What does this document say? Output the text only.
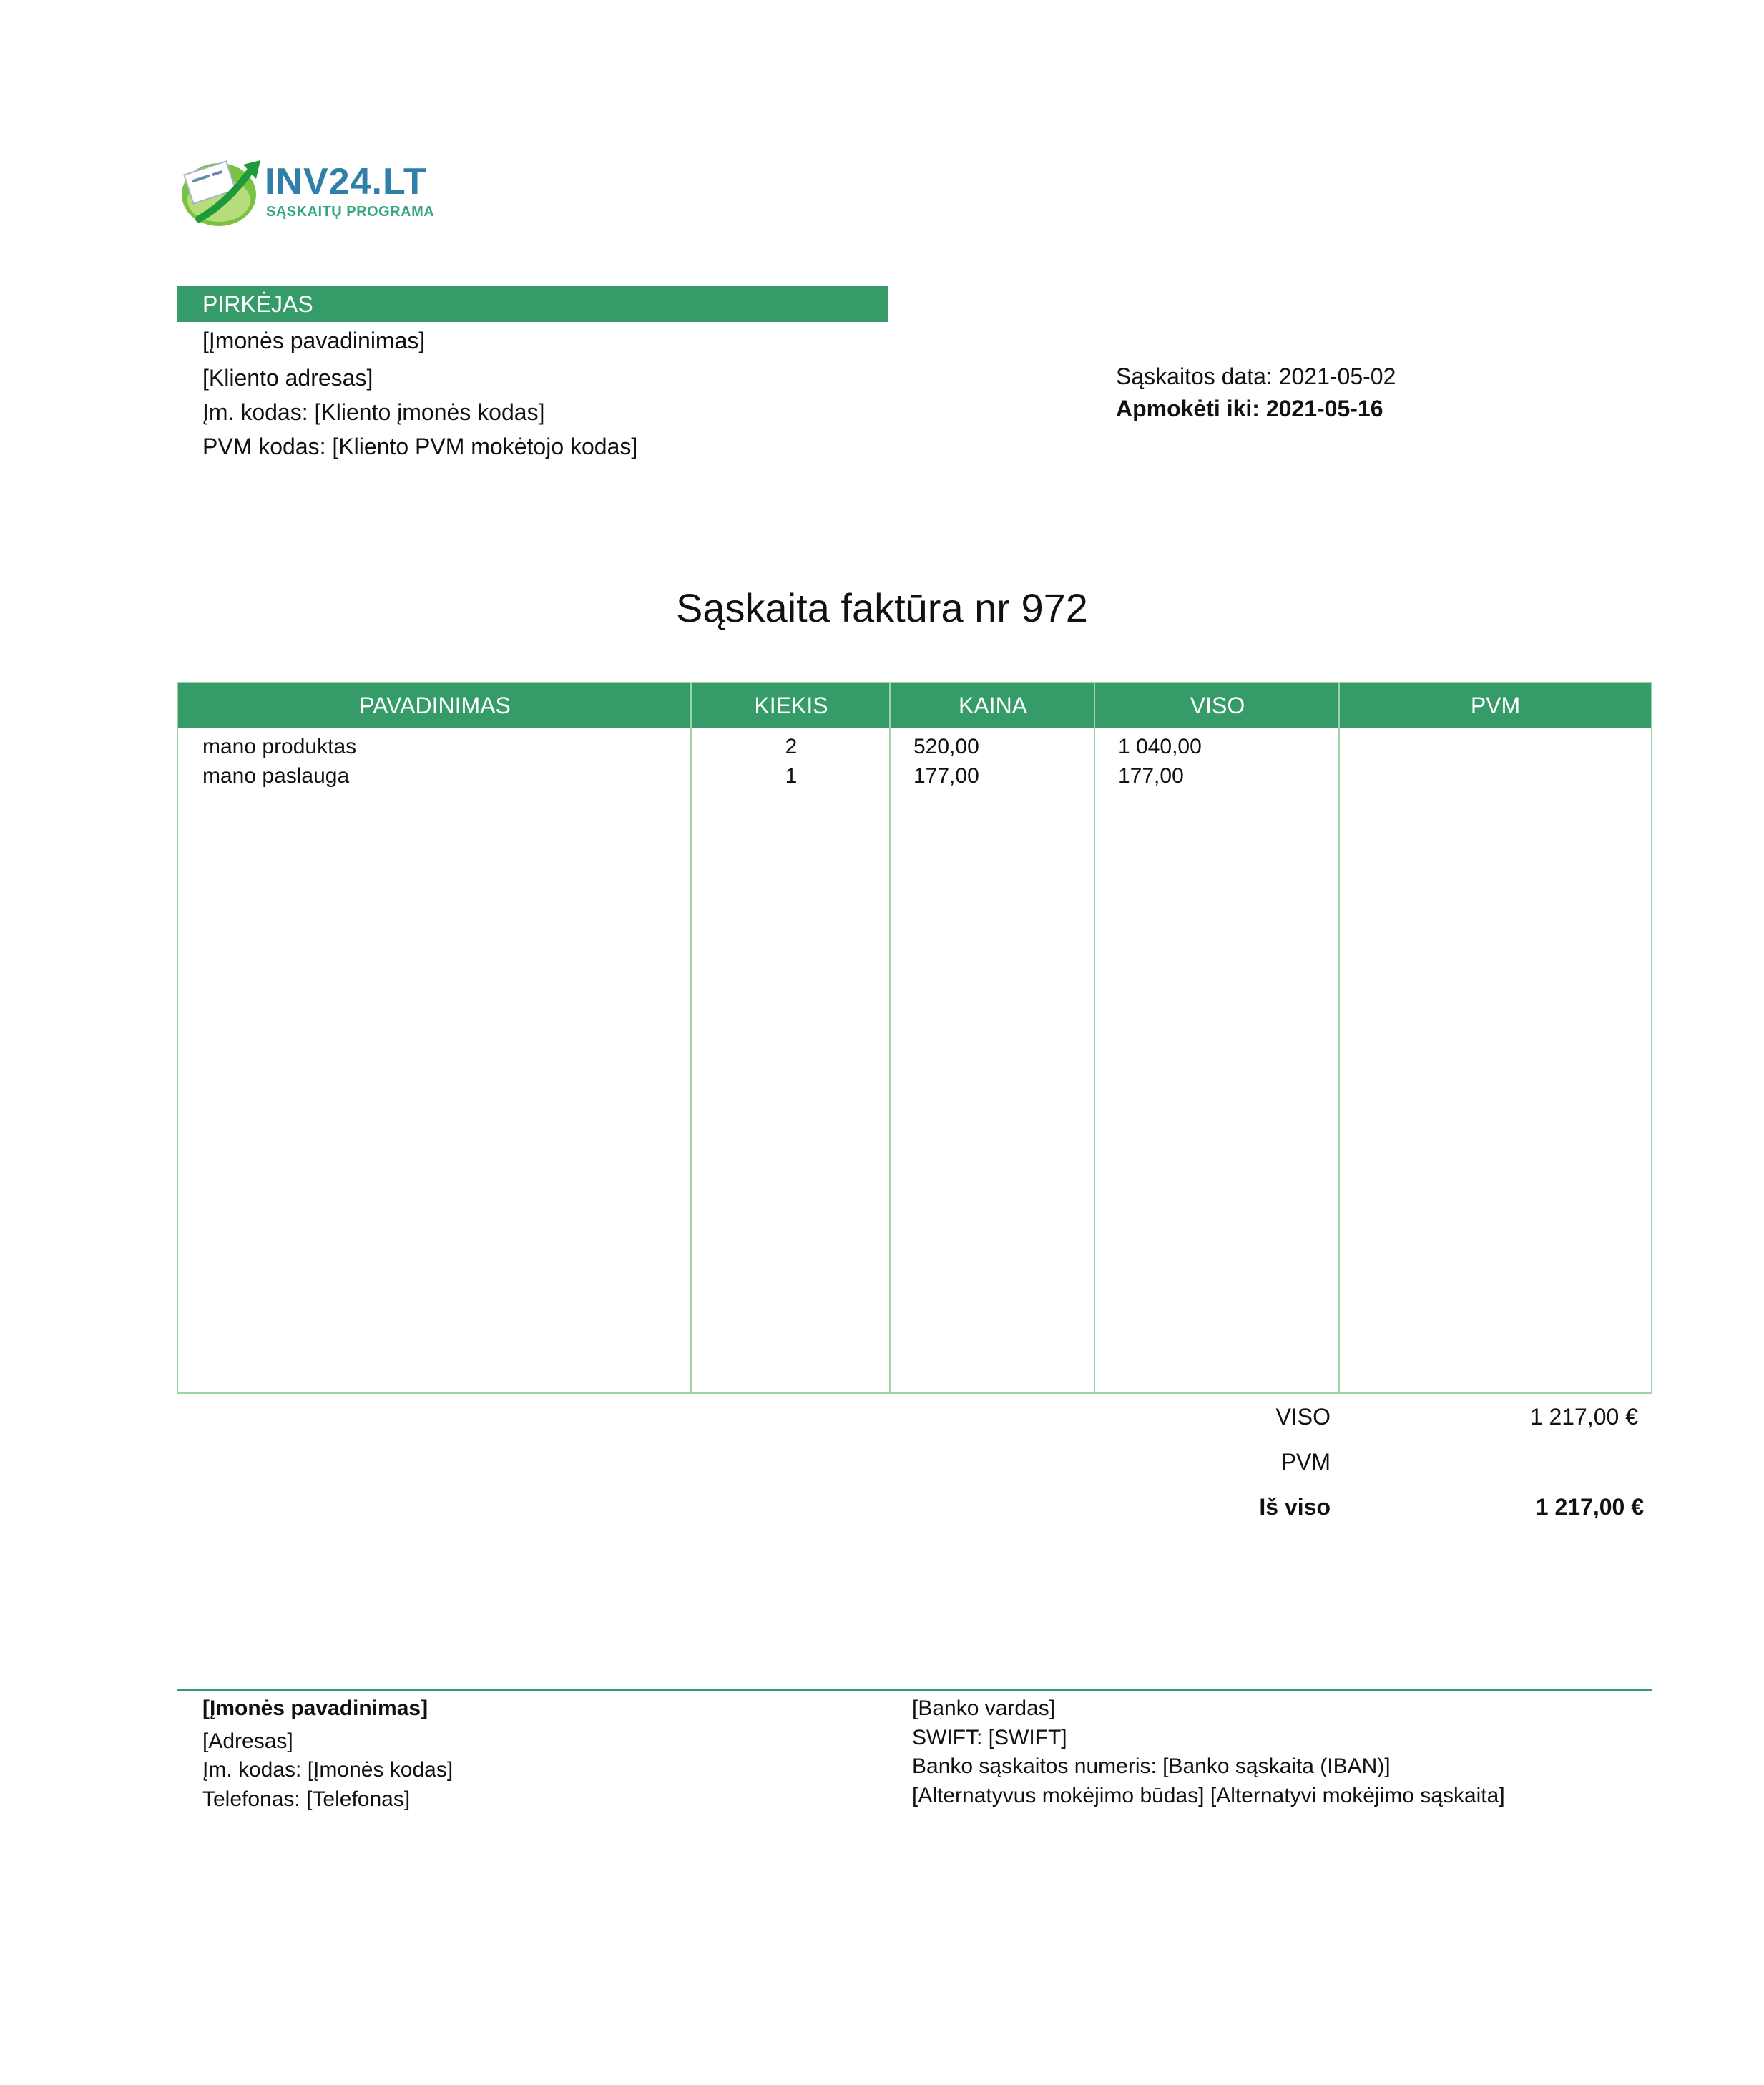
INV24.LT
SĄSKAITŲ PROGRAMA
PIRKĖJAS
[Įmonės pavadinimas]
[Kliento adresas]
Įm. kodas: [Kliento įmonės kodas]
PVM kodas: [Kliento PVM mokėtojo kodas]
Sąskaitos data: 2021-05-02
Apmokėti iki: 2021-05-16
Sąskaita faktūra nr 972
PAVADINIMAS	KIEKIS	KAINA	VISO	PVM
mano produktas	2	520,00	1 040,00
mano paslauga	1	177,00	177,00
VISO	1 217,00 €
PVM
Iš viso	1 217,00 €
[Įmonės pavadinimas]
[Adresas]
Įm. kodas: [Įmonės kodas]
Telefonas: [Telefonas]
[Banko vardas]
SWIFT: [SWIFT]
Banko sąskaitos numeris: [Banko sąskaita (IBAN)]
[Alternatyvus mokėjimo būdas] [Alternatyvi mokėjimo sąskaita]
